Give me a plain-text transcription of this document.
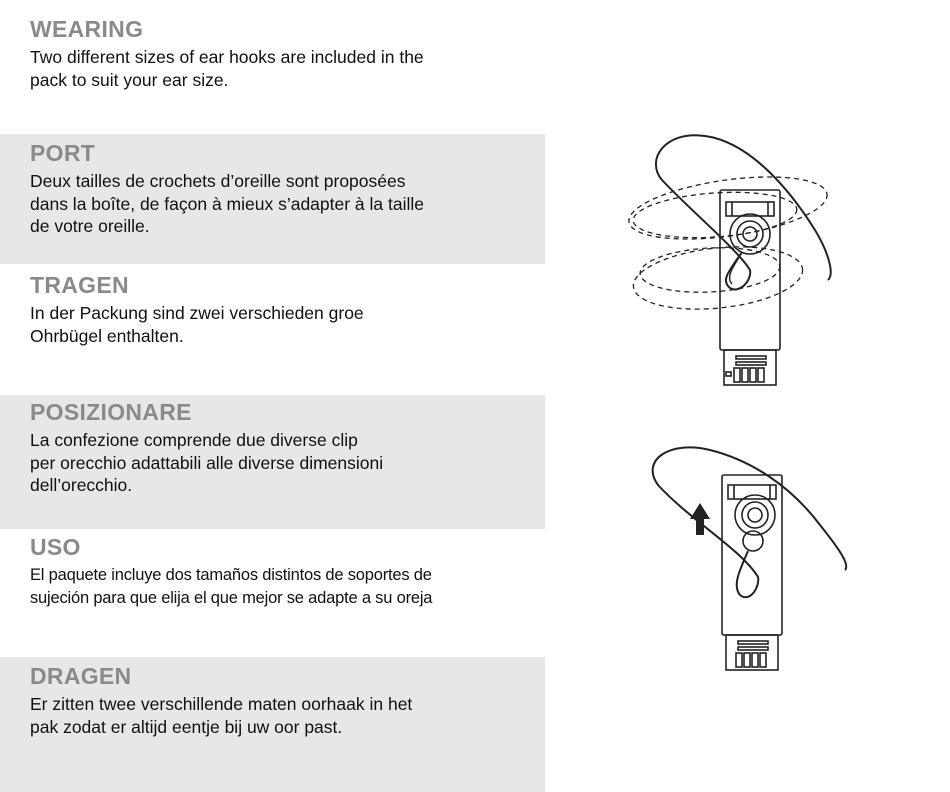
WEARING

Two different sizes of ear hooks are included in the
pack to suit your ear size.

PORT

Deux tailles de crochets d’oreille sont proposées
dans la boîte, de façon à mieux s’adapter à la taille
de votre oreille.

TRAGEN

In der Packung sind zwei verschieden groe
Ohrbügel enthalten.

POSIZIONARE

La confezione comprende due diverse clip
per orecchio adattabili alle diverse dimensioni
dell’orecchio.

USO

El paquete incluye dos tamaños distintos de soportes de
sujeción para que elija el que mejor se adapte a su oreja

DRAGEN

Er zitten twee verschillende maten oorhaak in het
pak zodat er altijd eentje bij uw oor past.
